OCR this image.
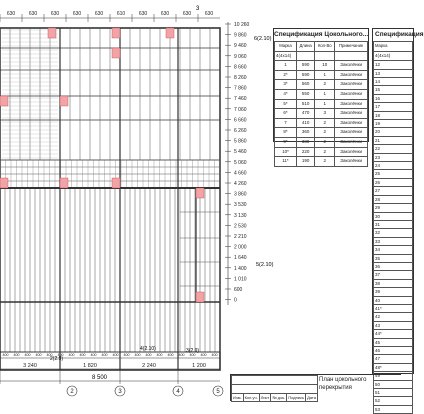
630	630	630	630	630	610	630	630	630	630
3
10 260
9 860
9 460
9 060
8 660
8 260
7 860
7 460
7 060
6 660
6 260
5 860
5 460
5 060
4 660
4 260
3 860
3 530
3 130
2 530
2 210
2 000
1 640
1 400
1 010
600
0
6(2.10)
5(2.10)
4(2.10)	3(2.9)
2(2.9)
400 400 400 400 400 400 400 400 400 400 400 400 400 400 400 400 400 400 400 400
3 240	1 820	2 240	1 200
8 500
2	3	4	5
Спецификация Цокольного...
Марка	Длина	Кол-Во	Примечание
4(4х14)			
1	590	10	Заколёнки
2*	590	1	Заколёнки
3*	560	2	Заколёнки
4*	550	1	Заколёнки
5*	510	1	Заколёнки
6*	470	3	Заколёнки
7	410	2	Заколёнки
8*	360	2	Заколёнки
9*	330	2	Заколёнки
10*	220	2	Заколёнки
11*	190	2	Заколёнки
Спецификация
Марка
4(4х14)
12
13
14
15
16
17
18
19
20
21
22
23
24
25
26
27
28
29
30
31
32
33
34
35
36
37
38
39
40
41*
42
43
44*
45
46
47
48*
49
50
51
52
53

Изм.	Кол.уч.	Лист	№ док.	Подпись	Дата
План цокольного перекрытия
